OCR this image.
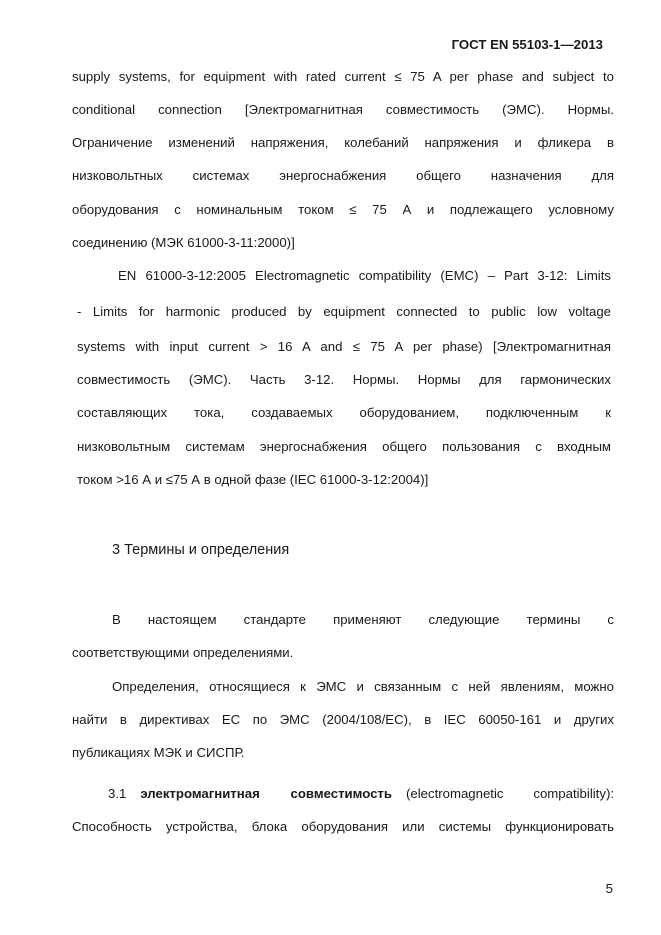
ГОСТ EN 55103-1—2013
supply systems, for equipment with rated current ≤ 75 A per phase and subject to
conditional connection [Электромагнитная совместимость (ЭМС). Нормы.
Ограничение изменений напряжения, колебаний напряжения и фликера в
низковольтных системах энергоснабжения общего назначения для
оборудования с номинальным током ≤ 75 А и подлежащего условному
соединению (МЭК 61000-3-11:2000)]
EN 61000-3-12:2005 Electromagnetic compatibility (EMC) – Part 3-12: Limits
- Limits for harmonic produced by equipment connected to public low voltage
systems with input current > 16 A and ≤ 75 A per phase) [Электромагнитная
совместимость (ЭМС). Часть 3-12. Нормы. Нормы для гармонических
составляющих тока, создаваемых оборудованием, подключенным к
низковольтным системам энергоснабжения общего пользования с входным
током >16 А и ≤75 А в одной фазе (IEC 61000-3-12:2004)]
3 Термины и определения
В настоящем стандарте применяют следующие термины с
соответствующими определениями.
Определения, относящиеся к ЭМС и связанным с ней явлениям, можно
найти в директивах ЕС по ЭМС (2004/108/ЕС), в IEC 60050-161 и других
публикациях МЭК и СИСПР.
3.1 электромагнитная совместимость (electromagnetic compatibility):
Способность устройства, блока оборудования или системы функционировать
5
